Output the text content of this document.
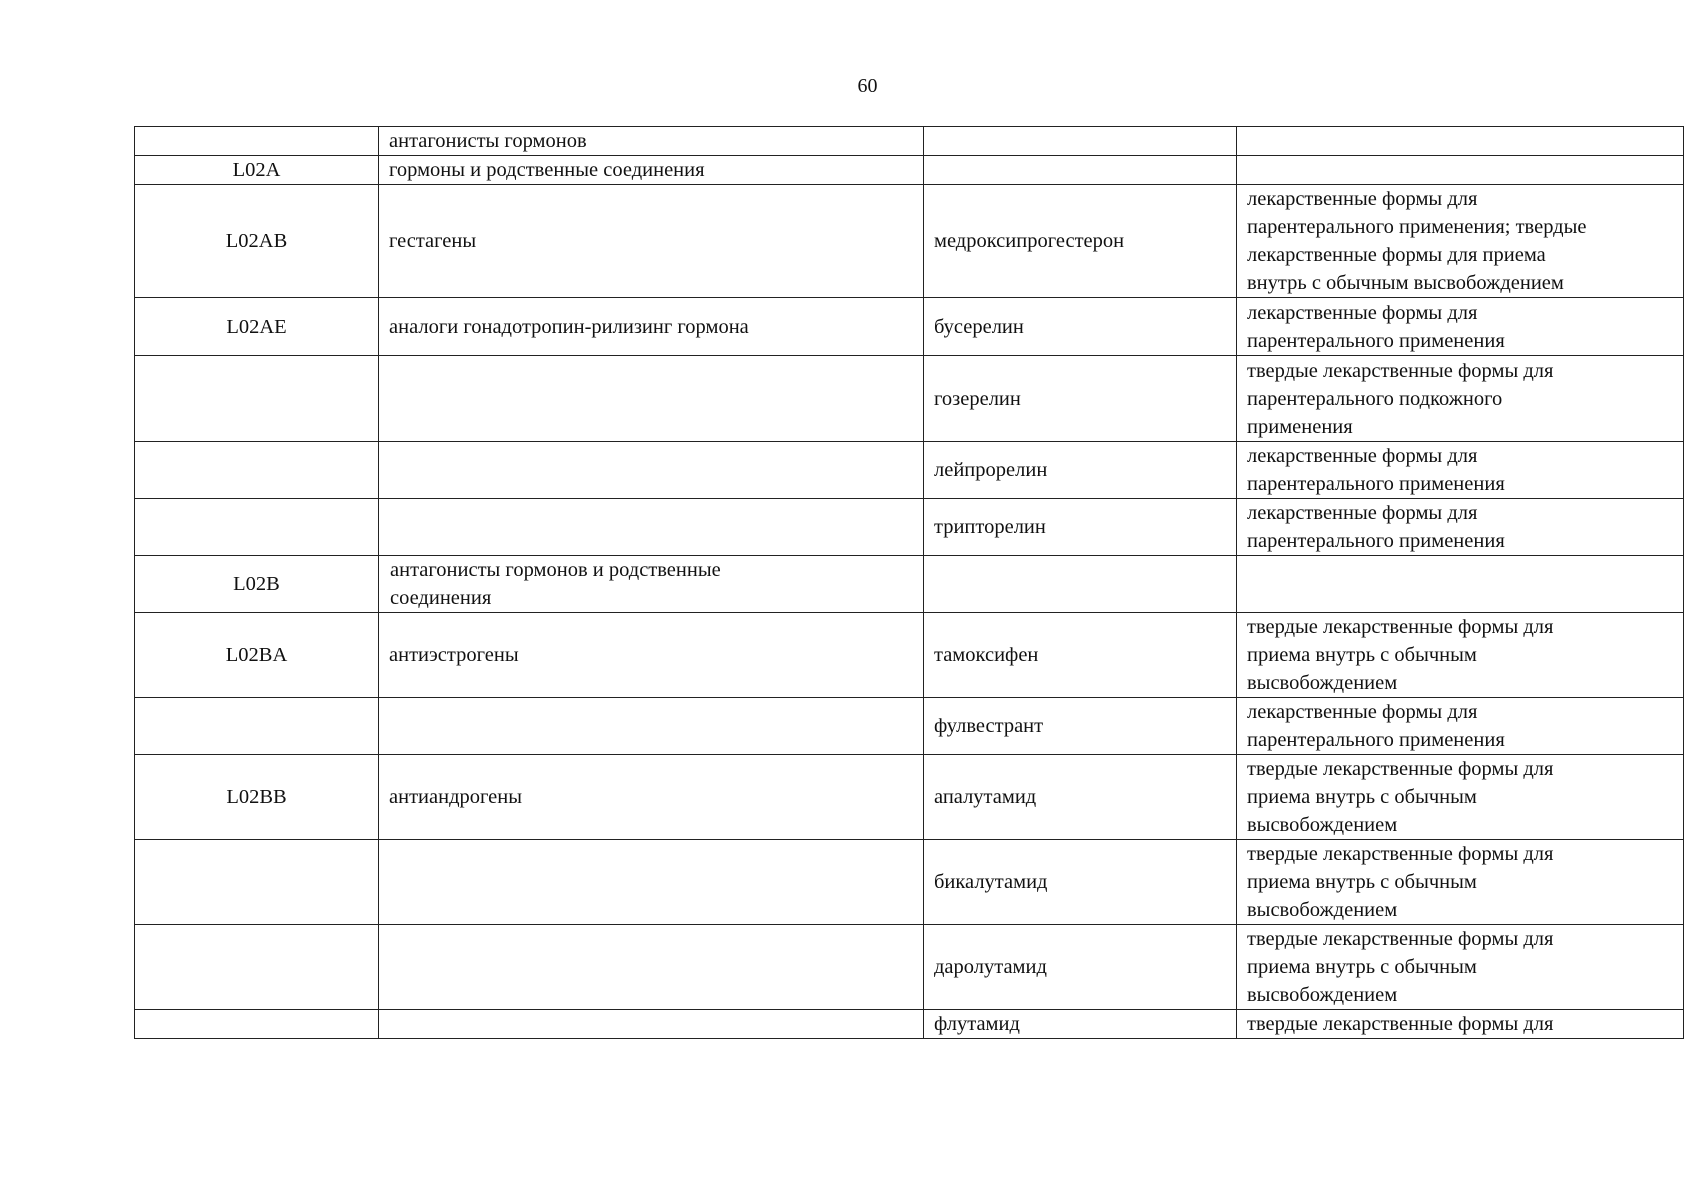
60
	антагонисты гормонов		
L02A	гормоны и родственные соединения		
L02AB	гестагены	медроксипрогестерон	лекарственные формы для
парентерального применения; твердые
лекарственные формы для приема
внутрь с обычным высвобождением
L02AE	аналоги гонадотропин-рилизинг гормона	бусерелин	лекарственные формы для
парентерального применения
		гозерелин	твердые лекарственные формы для
парентерального подкожного
применения
		лейпрорелин	лекарственные формы для
парентерального применения
		трипторелин	лекарственные формы для
парентерального применения
L02B	антагонисты гормонов и родственные
соединения		
L02BA	антиэстрогены	тамоксифен	твердые лекарственные формы для
приема внутрь с обычным
высвобождением
		фулвестрант	лекарственные формы для
парентерального применения
L02BB	антиандрогены	апалутамид	твердые лекарственные формы для
приема внутрь с обычным
высвобождением
		бикалутамид	твердые лекарственные формы для
приема внутрь с обычным
высвобождением
		даролутамид	твердые лекарственные формы для
приема внутрь с обычным
высвобождением
		флутамид	твердые лекарственные формы для
